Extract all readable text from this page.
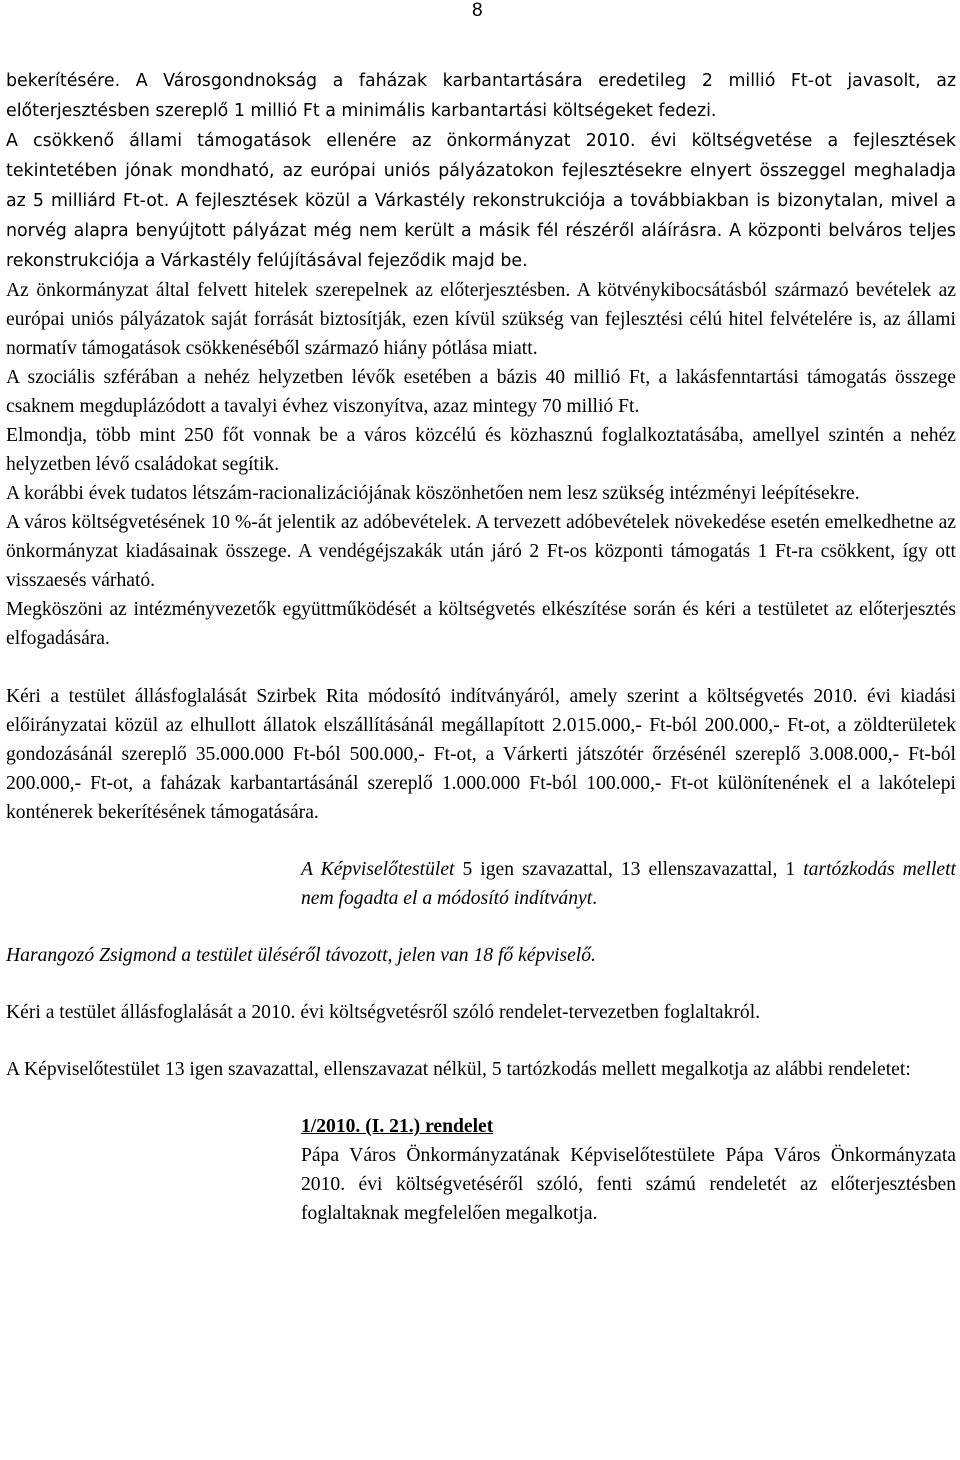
8

bekerítésére. A Városgondnokság a faházak karbantartására eredetileg 2 millió Ft-ot javasolt, az előterjesztésben szereplő 1 millió Ft a minimális karbantartási költségeket fedezi.

A csökkenő állami támogatások ellenére az önkormányzat 2010. évi költségvetése a fejlesztések tekintetében jónak mondható, az európai uniós pályázatokon fejlesztésekre elnyert összeggel meghaladja az 5 milliárd Ft-ot. A fejlesztések közül a Várkastély rekonstrukciója a továbbiakban is bizonytalan, mivel a norvég alapra benyújtott pályázat még nem került a másik fél részéről aláírásra. A központi belváros teljes rekonstrukciója a Várkastély felújításával fejeződik majd be.

Az önkormányzat által felvett hitelek szerepelnek az előterjesztésben. A kötvénykibocsátásból származó bevételek az európai uniós pályázatok saját forrását biztosítják, ezen kívül szükség van fejlesztési célú hitel felvételére is, az állami normatív támogatások csökkenéséből származó hiány pótlása miatt.

A szociális szférában a nehéz helyzetben lévők esetében a bázis 40 millió Ft, a lakásfenntartási támogatás összege csaknem megduplázódott a tavalyi évhez viszonyítva, azaz mintegy 70 millió Ft.

Elmondja, több mint 250 főt vonnak be a város közcélú és közhasznú foglalkoztatásába, amellyel szintén a nehéz helyzetben lévő családokat segítik.

A korábbi évek tudatos létszám-racionalizációjának köszönhetően nem lesz szükség intézményi leépítésekre.

A város költségvetésének 10 %-át jelentik az adóbevételek. A tervezett adóbevételek növekedése esetén emelkedhetne az önkormányzat kiadásainak összege. A vendégéjszakák után járó 2 Ft-os központi támogatás 1 Ft-ra csökkent, így ott visszaesés várható.

Megköszöni az intézményvezetők együttműködését a költségvetés elkészítése során és kéri a testületet az előterjesztés elfogadására.

Kéri a testület állásfoglalását Szirbek Rita módosító indítványáról, amely szerint a költségvetés 2010. évi kiadási előirányzatai közül az elhullott állatok elszállításánál megállapított 2.015.000,- Ft-ból 200.000,- Ft-ot, a zöldterületek gondozásánál szereplő 35.000.000 Ft-ból 500.000,- Ft-ot, a Várkerti játszótér őrzésénél szereplő 3.008.000,- Ft-ból 200.000,- Ft-ot, a faházak karbantartásánál szereplő 1.000.000 Ft-ból 100.000,- Ft-ot különítenének el a lakótelepi konténerek bekerítésének támogatására.

A Képviselőtestület 5 igen szavazattal, 13 ellenszavazattal, 1 tartózkodás mellett nem fogadta el a módosító indítványt.

Harangozó Zsigmond a testület üléséről távozott, jelen van 18 fő képviselő.

Kéri a testület állásfoglalását a 2010. évi költségvetésről szóló rendelet-tervezetben foglaltakról.

A Képviselőtestület 13 igen szavazattal, ellenszavazat nélkül, 5 tartózkodás mellett megalkotja az alábbi rendeletet:

1/2010. (I. 21.) rendelet

Pápa Város Önkormányzatának Képviselőtestülete Pápa Város Önkormányzata 2010. évi költségvetéséről szóló, fenti számú rendeletét az előterjesztésben foglaltaknak megfelelően megalkotja.
